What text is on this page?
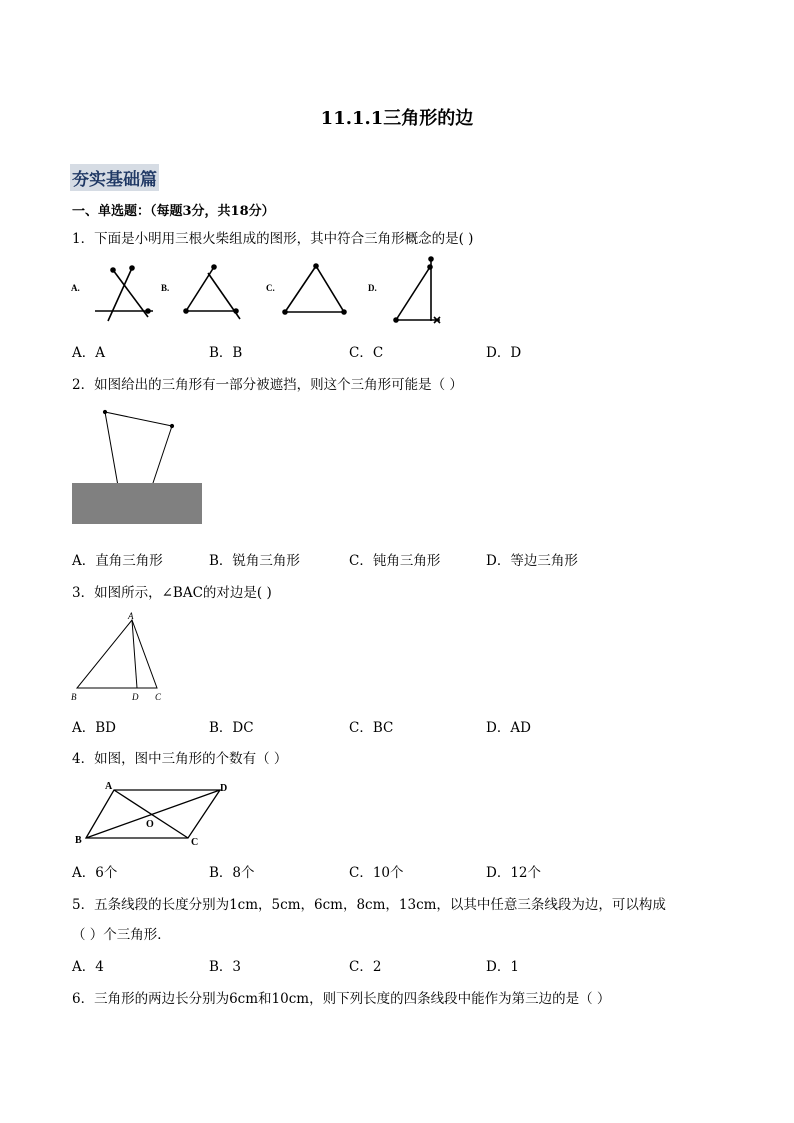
11.1.1三角形的边
夯实基础篇
一、单选题：（每题3分，共18分）
1．下面是小明用三根火柴组成的图形，其中符合三角形概念的是( )
A.	B.	C.	D.
A．A	B．B	C．C	D．D
2．如图给出的三角形有一部分被遮挡，则这个三角形可能是（ ）
A．直角三角形	B．锐角三角形	C．钝角三角形	D．等边三角形
3．如图所示，∠BAC的对边是( )
A
B	D C
A．BD	B．DC	C．BC	D．AD
4．如图，图中三角形的个数有（ ）
A	D
O
B	C
A．6个	B．8个	C．10个	D．12个
5．五条线段的长度分别为1cm，5cm，6cm，8cm，13cm，以其中任意三条线段为边，可以构成
（ ）个三角形．
A．4	B．3	C．2	D．1
6．三角形的两边长分别为6cm和10cm，则下列长度的四条线段中能作为第三边的是（ ）
